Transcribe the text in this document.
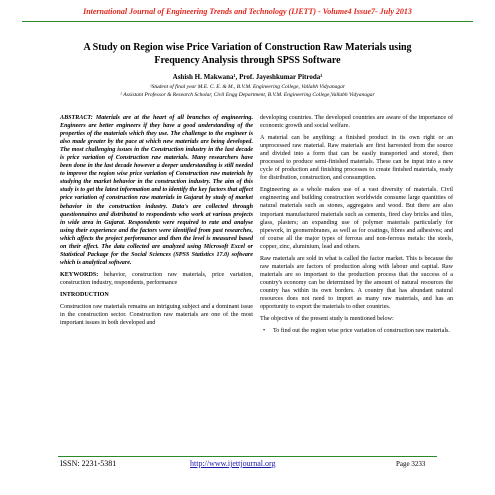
International Journal of Engineering Trends and Technology (IJETT) - Volume4 Issue7- July 2013
A Study on Region wise Price Variation of Construction Raw Materials using Frequency Analysis through SPSS Software
Ashish H. Makwana¹, Prof. Jayeshkumar Pitroda²
¹Student of final year M.E. C. E. & M., B.V.M. Engineering College, Vallabh Vidyanagar
² Assistant Professor & Research Scholar, Civil Engg Department, B.V.M. Engineering College,Vallabh Vidyanagar

ABSTRACT: Materials are at the heart of all branches of engineering. Engineers are better engineers if they have a good understanding of the properties of the materials which they use. The challenge to the engineer is also made greater by the pace at which new materials are being developed. The most challenging issues in the Construction industry in the last decade is price variation of Construction raw materials. Many researchers have been done in the last decade however a deeper understanding is still needed to improve the region wise price variation of Construction raw materials by studying the market behavior in the construction industry. The aim of this study is to get the latest information and to identify the key factors that affect price variation of construction raw materials in Gujarat by study of market behavior in the construction industry. Data's are collected through questionnaires and distributed to respondents who work at various projects in wide area in Gujarat. Respondents were required to rate and analyse using their experience and the factors were identified from past researches, which affects the project performance and then the level is measured based on their effect. The data collected are analyzed using Microsoft Excel or Statistical Package for the Social Sciences (SPSS Statistics 17.0) software which is analytical software.

KEYWORDS: behavior, construction raw materials, price variation, construction industry, respondents, performance

INTRODUCTION

Construction raw materials remains an intriguing subject and a dominant issue in the construction sector. Construction raw materials are one of the most important issues in both developed and

developing countries. The developed countries are aware of the importance of economic growth and social welfare.

A material can be anything: a finished product in its own right or an unprocessed raw material. Raw materials are first harvested from the source and divided into a form that can be easily transported and stored, then processed to produce semi-finished materials. These can be input into a new cycle of production and finishing processes to create finished materials, ready for distribution, construction, and consumption.

Engineering as a whole makes use of a vast diversity of materials. Civil engineering and building construction worldwide consume large quantities of natural materials such as stones, aggregates and wood. But there are also important manufactured materials such as cements, fired clay bricks and tiles, glass, plasters; an expanding use of polymer materials particularly for pipework, in geomembranes, as well as for coatings, fibres and adhesives; and of course all the major types of ferrous and non-ferrous metals: the steels, copper, zinc, aluminium, lead and others.

Raw materials are sold in what is called the factor market. This is because the raw materials are factors of production along with labour and capital. Raw materials are so important to the production process that the success of a country's economy can be determined by the amount of natural resources the country has within its own borders. A country that has abundant natural resources does not need to import as many raw materials, and has an opportunity to export the materials to other countries.

The objective of the present study is mentioned below:

• To find out the region wise price variation of construction raw materials.

ISSN: 2231-5381	http://www.ijettjournal.org	Page 3233
